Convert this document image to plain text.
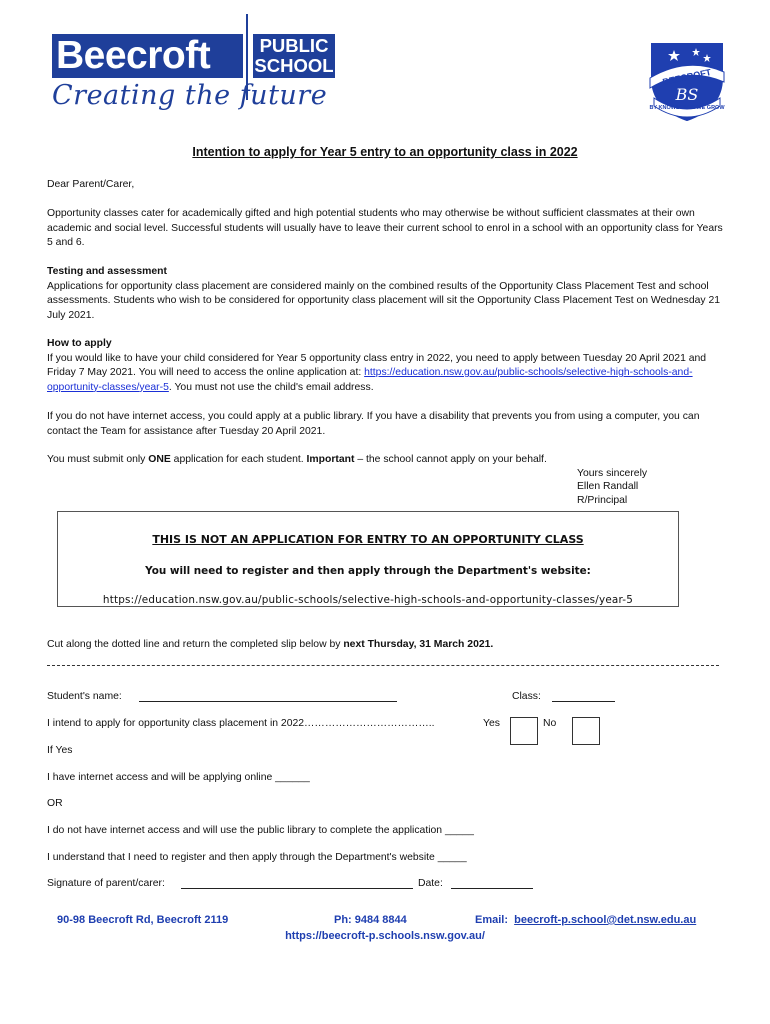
Beecroft	PUBLIC
SCHOOL
Creating the future
BEECROFT
BS
BY KNOWLEDGE WE GROW
Intention to apply for Year 5 entry to an opportunity class in 2022
Dear Parent/Carer,
Opportunity classes cater for academically gifted and high potential students who may otherwise be without sufficient classmates at their own academic and social level. Successful students will usually have to leave their current school to enrol in a school with an opportunity class for Years 5 and 6.
Testing and assessment
Applications for opportunity class placement are considered mainly on the combined results of the Opportunity Class Placement Test and school assessments. Students who wish to be considered for opportunity class placement will sit the Opportunity Class Placement Test on Wednesday 21 July 2021.
How to apply
If you would like to have your child considered for Year 5 opportunity class entry in 2022, you need to apply between Tuesday 20 April 2021 and Friday 7 May 2021. You will need to access the online application at: https://education.nsw.gov.au/public-schools/selective-high-schools-and-opportunity-classes/year-5. You must not use the child's email address.
If you do not have internet access, you could apply at a public library. If you have a disability that prevents you from using a computer, you can contact the Team for assistance after Tuesday 20 April 2021.
You must submit only ONE application for each student. Important – the school cannot apply on your behalf.
Yours sincerely
Ellen Randall
R/Principal
THIS IS NOT AN APPLICATION FOR ENTRY TO AN OPPORTUNITY CLASS
You will need to register and then apply through the Department's website:
https://education.nsw.gov.au/public-schools/selective-high-schools-and-opportunity-classes/year-5
Cut along the dotted line and return the completed slip below by next Thursday, 31 March 2021.
Student's name:	Class:
I intend to apply for opportunity class placement in 2022………………………………..	Yes	No
If Yes
I have internet access and will be applying online ______
OR
I do not have internet access and will use the public library to complete the application _____
I understand that I need to register and then apply through the Department's website _____
Signature of parent/carer:	Date:
90-98 Beecroft Rd, Beecroft 2119	Ph: 9484 8844	Email: beecroft-p.school@det.nsw.edu.au
https://beecroft-p.schools.nsw.gov.au/
